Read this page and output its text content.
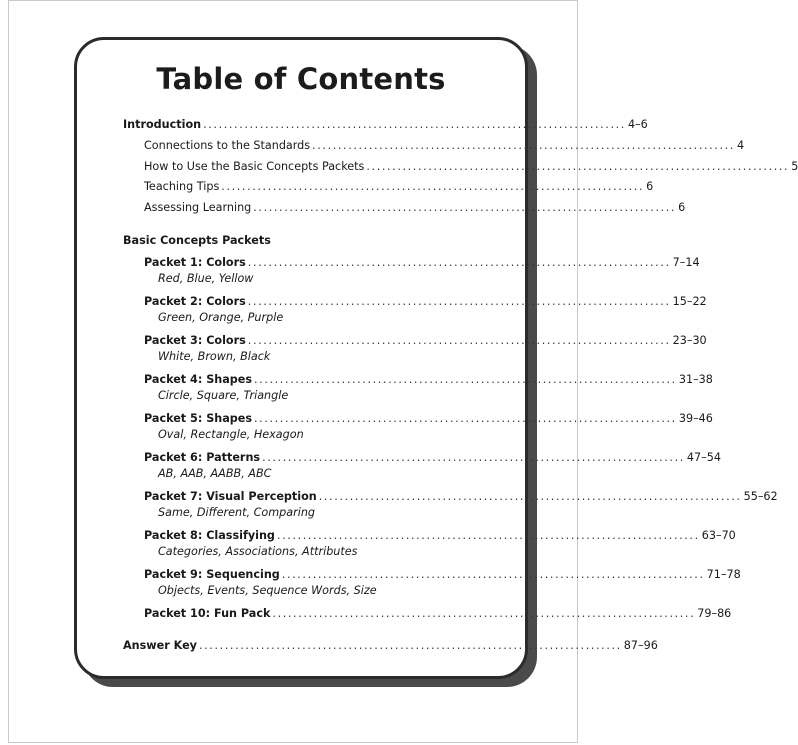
Table of Contents
Introduction .................................................................................. 4–6
Connections to the Standards .................................................................................. 4
How to Use the Basic Concepts Packets .................................................................................. 5
Teaching Tips .................................................................................. 6
Assessing Learning .................................................................................. 6
Basic Concepts Packets
Packet 1: Colors .................................................................................. 7–14
Red, Blue, Yellow
Packet 2: Colors .................................................................................. 15–22
Green, Orange, Purple
Packet 3: Colors .................................................................................. 23–30
White, Brown, Black
Packet 4: Shapes .................................................................................. 31–38
Circle, Square, Triangle
Packet 5: Shapes .................................................................................. 39–46
Oval, Rectangle, Hexagon
Packet 6: Patterns .................................................................................. 47–54
AB, AAB, AABB, ABC
Packet 7: Visual Perception .................................................................................. 55–62
Same, Different, Comparing
Packet 8: Classifying .................................................................................. 63–70
Categories, Associations, Attributes
Packet 9: Sequencing .................................................................................. 71–78
Objects, Events, Sequence Words, Size
Packet 10: Fun Pack .................................................................................. 79–86
Answer Key .................................................................................. 87–96
